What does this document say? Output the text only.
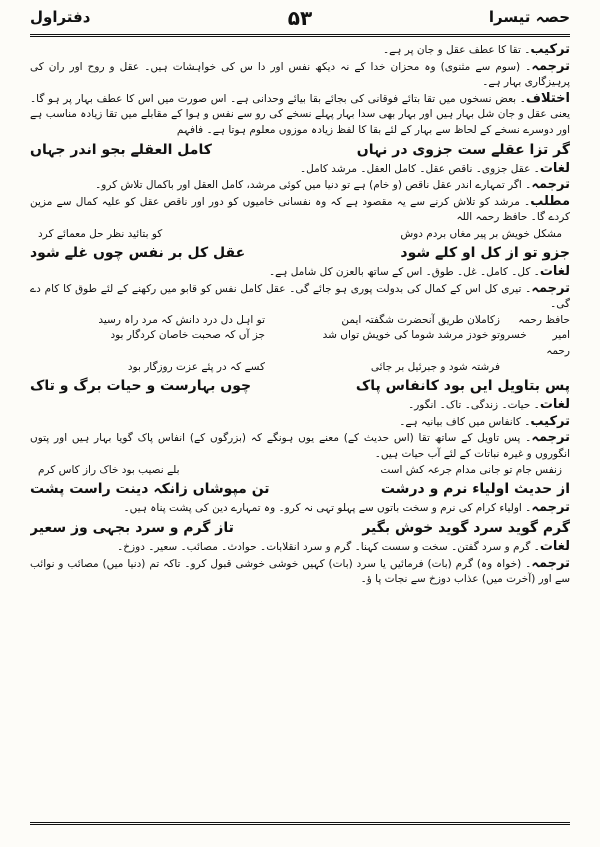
دفتراول	۵۳	حصہ تیسرا

ترکیب۔ تقا کا عطف عقل و جان پر ہے۔

ترجمہ۔ (سوم سے مثنوی) وہ محزان خدا کے نہ دیکھ نفس اور دا س کی خواہشات ہیں۔ عقل و روح اور ران کی پرہیزگاری بہار ہے۔

اختلاف۔ بعض نسخوں میں تقا بتائے فوقانی کی بجائے بقا بیائے وحدانی ہے۔ اس صورت میں اس کا عطف بہار پر ہو گا۔ یعنی عقل و جان شل بہار ہیں اور بہار بھی سدا بہار پہلے نسخے کی رو سے نفس و ہوا کے مقابلے میں تقا زیادہ مناسب ہے اور دوسرے نسخے کے لحاظ سے بہار کے لئے بقا کا لفظ زیادہ موزوں معلوم ہوتا ہے۔ فافہم

گر تزا عقلے ست جزوی در نہاں
کامل العقلے بجو اندر جہاں

لغات۔ عقل جزوی۔ ناقص عقل۔ کامل العقل۔ مرشد کامل۔

ترجمہ۔ اگر تمہارے اندر عقل ناقص (و خام) ہے تو دنیا میں کوئی مرشد، کامل العقل اور باکمال تلاش کرو۔

مطلب۔ مرشد کو تلاش کرنے سے یہ مقصود ہے کہ وہ نفسانی خامیوں کو دور اور ناقص عقل کو علیہ کمال سے مزین کردے گا۔ حافظ رحمہ اللہ

مشکل خویش بر پیر مغاں بردم دوش
کو بتائید نظر حل معمائے کرد
جزو تو از کل او کلے شود
عقل کل بر نفس چوں غلے شود

لغات۔ کل۔ کامل۔ غل۔ طوق۔ اس کے ساتھ بالعزن کل شامل ہے۔

ترجمہ۔ تیری کل اس کے کمال کی بدولت پوری ہو جائے گی۔ عقل کامل نفس کو قابو میں رکھنے کے لئے طوق کا کام دے گی۔

حافظ رحمہ
زکاملان طریق آنحضرت شگفتہ ایمن
تو اہل دل درد دانش کہ مرد راہ رسید
امیر خسرو رحمہ
تو خودز مرشد شوما کی خویش تواں شد
جز آں کہ صحبت خاصان کردگار بود
فرشتہ شود و جبرئیل بر جائی
کسے کہ در پئے عزت روزگار بود
پس بتاویل ایں بود کانفاس پاک
چوں بہارست و حیات برگ و تاک

لغات۔ حیات۔ زندگی۔ تاک۔ انگور۔

ترکیب۔ کانفاس میں کاف بیانیہ ہے۔

ترجمہ۔ پس تاویل کے ساتھ تقا (اس حدیث کے) معنے یوں ہونگے کہ (بزرگوں کے) انفاس پاک گویا بہار ہیں اور پتوں انگوروں و غیرہ نباتات کے لئے آب حیات ہیں۔

زنفس جام تو جانی مدام جرعہ کش است
بلے نصیب بود خاک راز کاس کرم
از حدیث اولیاء نرم و درشت
تن مپوشاں زانکہ دینت راست پشت

ترجمہ۔ اولیاء کرام کی نرم و سخت باتوں سے پہلو تہی نہ کرو۔ وہ تمہارے دین کی پشت پناہ ہیں۔

گرم گوید سرد گوید خوش بگیر
تاز گرم و سرد بجہی وز سعیر

لغات۔ گرم و سرد گفتن۔ سخت و سست کہنا۔ گرم و سرد انقلابات۔ حوادث۔ مصائب۔ سعیر۔ دوزخ۔

ترجمہ۔ (خواہ وہ) گرم (بات) فرمائیں یا سرد (بات) کہیں خوشی خوشی قبول کرو۔ تاکہ تم (دنیا میں) مصائب و نوائب سے اور (آخرت میں) عذاب دوزخ سے نجات پا ؤ۔
